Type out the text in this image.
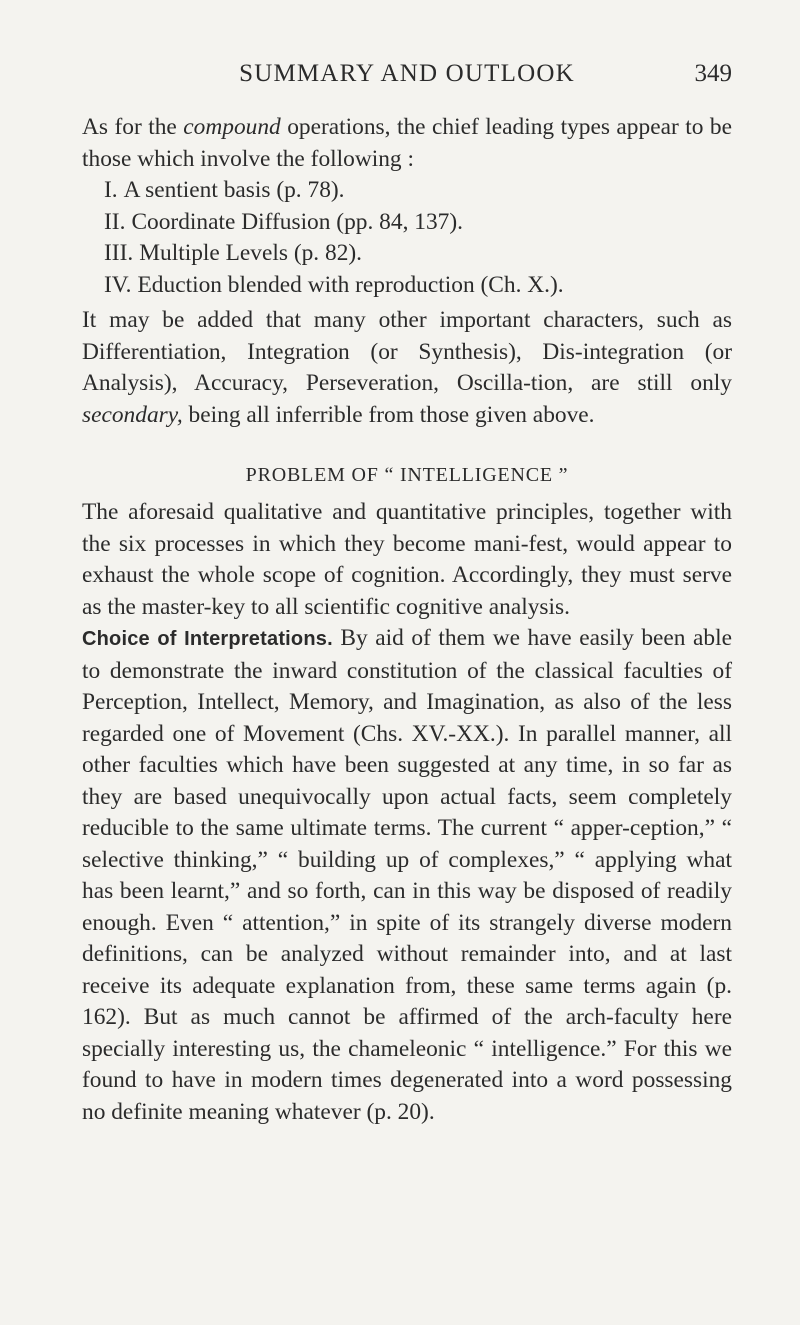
SUMMARY AND OUTLOOK	349

As for the compound operations, the chief leading types appear to be those which involve the following :

I. A sentient basis (p. 78).
II. Coordinate Diffusion (pp. 84, 137).
III. Multiple Levels (p. 82).
IV. Eduction blended with reproduction (Ch. X.).

It may be added that many other important characters, such as Differentiation, Integration (or Synthesis), Dis-integration (or Analysis), Accuracy, Perseveration, Oscilla-tion, are still only secondary, being all inferrible from those given above.

PROBLEM OF “ INTELLIGENCE ”

The aforesaid qualitative and quantitative principles, together with the six processes in which they become mani-fest, would appear to exhaust the whole scope of cognition. Accordingly, they must serve as the master-key to all scientific cognitive analysis.

Choice of Interpretations. By aid of them we have easily been able to demonstrate the inward constitution of the classical faculties of Perception, Intellect, Memory, and Imagination, as also of the less regarded one of Movement (Chs. XV.-XX.). In parallel manner, all other faculties which have been suggested at any time, in so far as they are based unequivocally upon actual facts, seem completely reducible to the same ultimate terms. The current “ apper-ception,” “ selective thinking,” “ building up of complexes,” “ applying what has been learnt,” and so forth, can in this way be disposed of readily enough. Even “ attention,” in spite of its strangely diverse modern definitions, can be analyzed without remainder into, and at last receive its adequate explanation from, these same terms again (p. 162). But as much cannot be affirmed of the arch-faculty here specially interesting us, the chameleonic “ intelligence.” For this we found to have in modern times degenerated into a word possessing no definite meaning whatever (p. 20).
